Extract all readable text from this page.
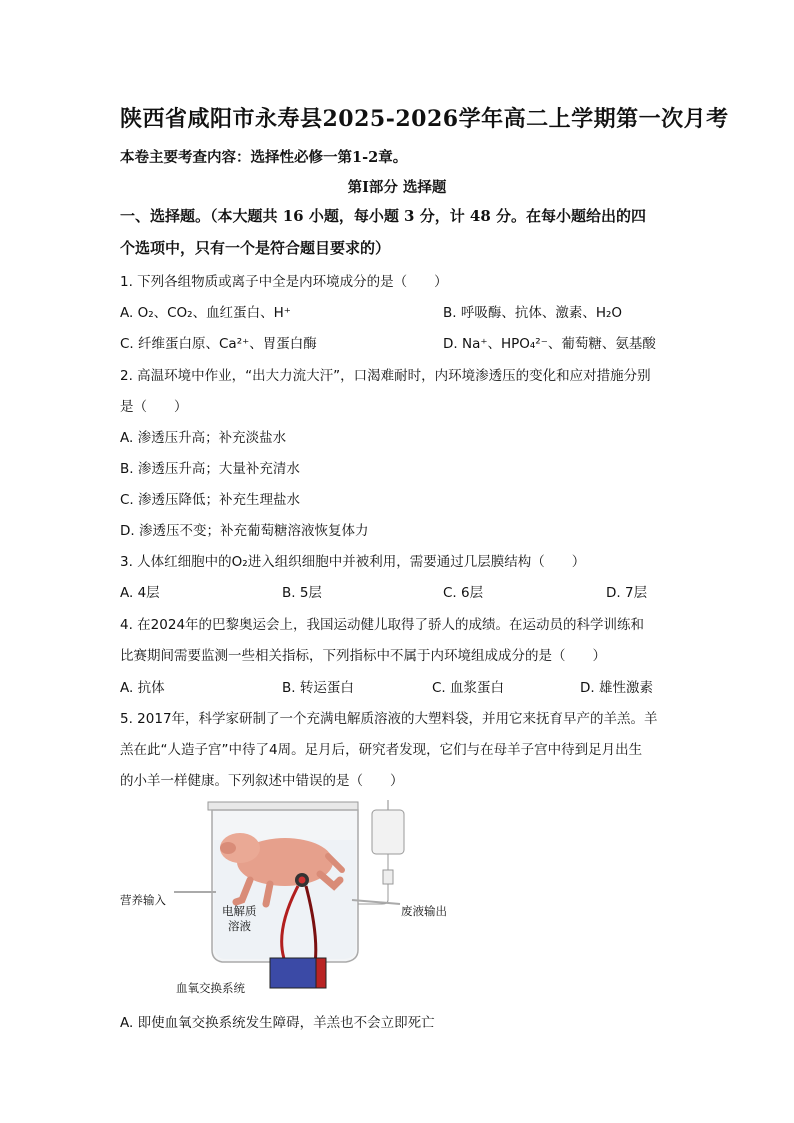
陕西省咸阳市永寿县2025-2026学年高二上学期第一次月考
本卷主要考查内容：选择性必修一第1-2章。
第Ⅰ部分 选择题
一、选择题。（本大题共 16 小题，每小题 3 分，计 48 分。在每小题给出的四
个选项中，只有一个是符合题目要求的）
1. 下列各组物质或离子中全是内环境成分的是（　　）
A. O₂、CO₂、血红蛋白、H⁺	B. 呼吸酶、抗体、激素、H₂O
C. 纤维蛋白原、Ca²⁺、胃蛋白酶	D. Na⁺、HPO₄²⁻、葡萄糖、氨基酸
2. 高温环境中作业，“出大力流大汗”，口渴难耐时，内环境渗透压的变化和应对措施分别
是（　　）
A. 渗透压升高；补充淡盐水
B. 渗透压升高；大量补充清水
C. 渗透压降低；补充生理盐水
D. 渗透压不变；补充葡萄糖溶液恢复体力
3. 人体红细胞中的O₂进入组织细胞中并被利用，需要通过几层膜结构（　　）
A. 4层	B. 5层	C. 6层	D. 7层
4. 在2024年的巴黎奥运会上，我国运动健儿取得了骄人的成绩。在运动员的科学训练和
比赛期间需要监测一些相关指标，下列指标中不属于内环境组成成分的是（　　）
A. 抗体	B. 转运蛋白	C. 血浆蛋白	D. 雄性激素
5. 2017年，科学家研制了一个充满电解质溶液的大塑料袋，并用它来抚育早产的羊羔。羊
羔在此“人造子宫”中待了4周。足月后，研究者发现，它们与在母羊子宫中待到足月出生
的小羊一样健康。下列叙述中错误的是（　　）
营养输入
电解质
溶液
废液输出
血氧交换系统
A. 即使血氧交换系统发生障碍，羊羔也不会立即死亡
